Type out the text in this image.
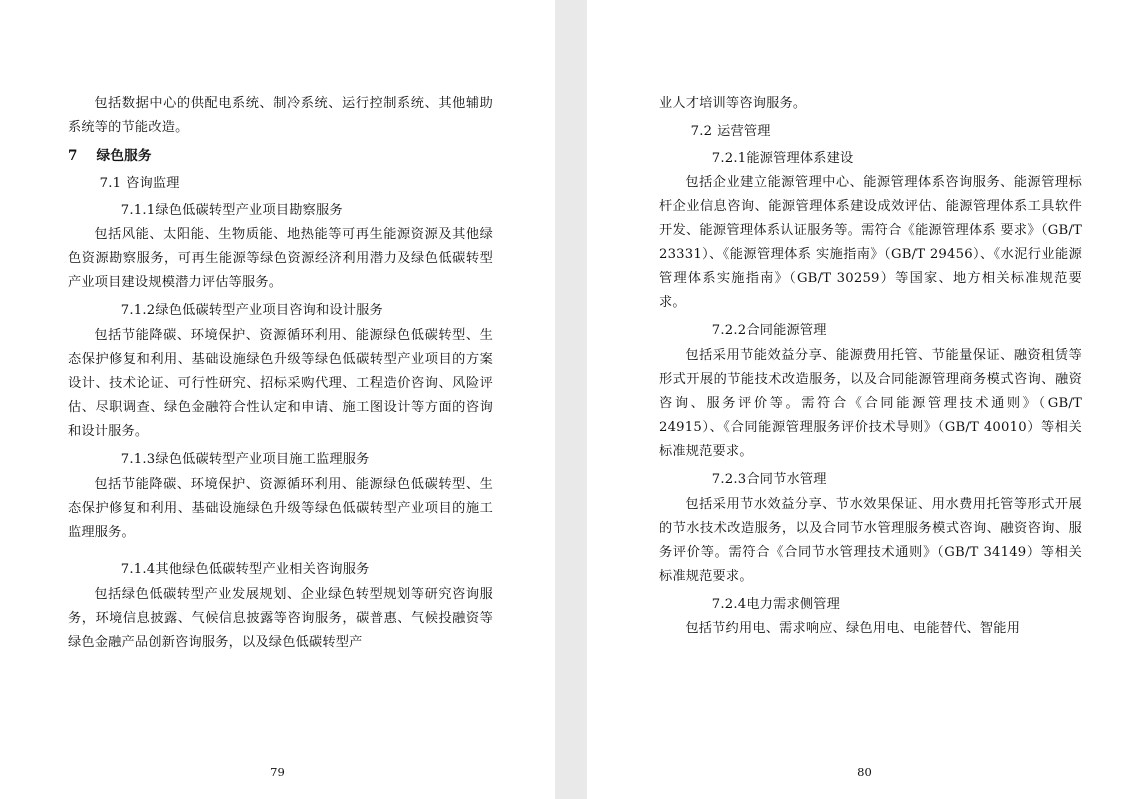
包括数据中心的供配电系统、制冷系统、运行控制系统、其他辅助系统等的节能改造。

7 绿色服务

7.1 咨询监理

7.1.1绿色低碳转型产业项目勘察服务

包括风能、太阳能、生物质能、地热能等可再生能源资源及其他绿色资源勘察服务，可再生能源等绿色资源经济利用潜力及绿色低碳转型产业项目建设规模潜力评估等服务。

7.1.2绿色低碳转型产业项目咨询和设计服务

包括节能降碳、环境保护、资源循环利用、能源绿色低碳转型、生态保护修复和利用、基础设施绿色升级等绿色低碳转型产业项目的方案设计、技术论证、可行性研究、招标采购代理、工程造价咨询、风险评估、尽职调查、绿色金融符合性认定和申请、施工图设计等方面的咨询和设计服务。

7.1.3绿色低碳转型产业项目施工监理服务

包括节能降碳、环境保护、资源循环利用、能源绿色低碳转型、生态保护修复和利用、基础设施绿色升级等绿色低碳转型产业项目的施工监理服务。

7.1.4其他绿色低碳转型产业相关咨询服务

包括绿色低碳转型产业发展规划、企业绿色转型规划等研究咨询服务，环境信息披露、气候信息披露等咨询服务，碳普惠、气候投融资等绿色金融产品创新咨询服务，以及绿色低碳转型产

79

业人才培训等咨询服务。

7.2 运营管理

7.2.1能源管理体系建设

包括企业建立能源管理中心、能源管理体系咨询服务、能源管理标杆企业信息咨询、能源管理体系建设成效评估、能源管理体系工具软件开发、能源管理体系认证服务等。需符合《能源管理体系 要求》（GB/T 23331）、《能源管理体系 实施指南》（GB/T 29456）、《水泥行业能源管理体系实施指南》（GB/T 30259）等国家、地方相关标准规范要求。

7.2.2合同能源管理

包括采用节能效益分享、能源费用托管、节能量保证、融资租赁等形式开展的节能技术改造服务，以及合同能源管理商务模式咨询、融资咨询、服务评价等。需符合《合同能源管理技术通则》（GB/T 24915）、《合同能源管理服务评价技术导则》（GB/T 40010）等相关标准规范要求。

7.2.3合同节水管理

包括采用节水效益分享、节水效果保证、用水费用托管等形式开展的节水技术改造服务，以及合同节水管理服务模式咨询、融资咨询、服务评价等。需符合《合同节水管理技术通则》（GB/T 34149）等相关标准规范要求。

7.2.4电力需求侧管理

包括节约用电、需求响应、绿色用电、电能替代、智能用

80
